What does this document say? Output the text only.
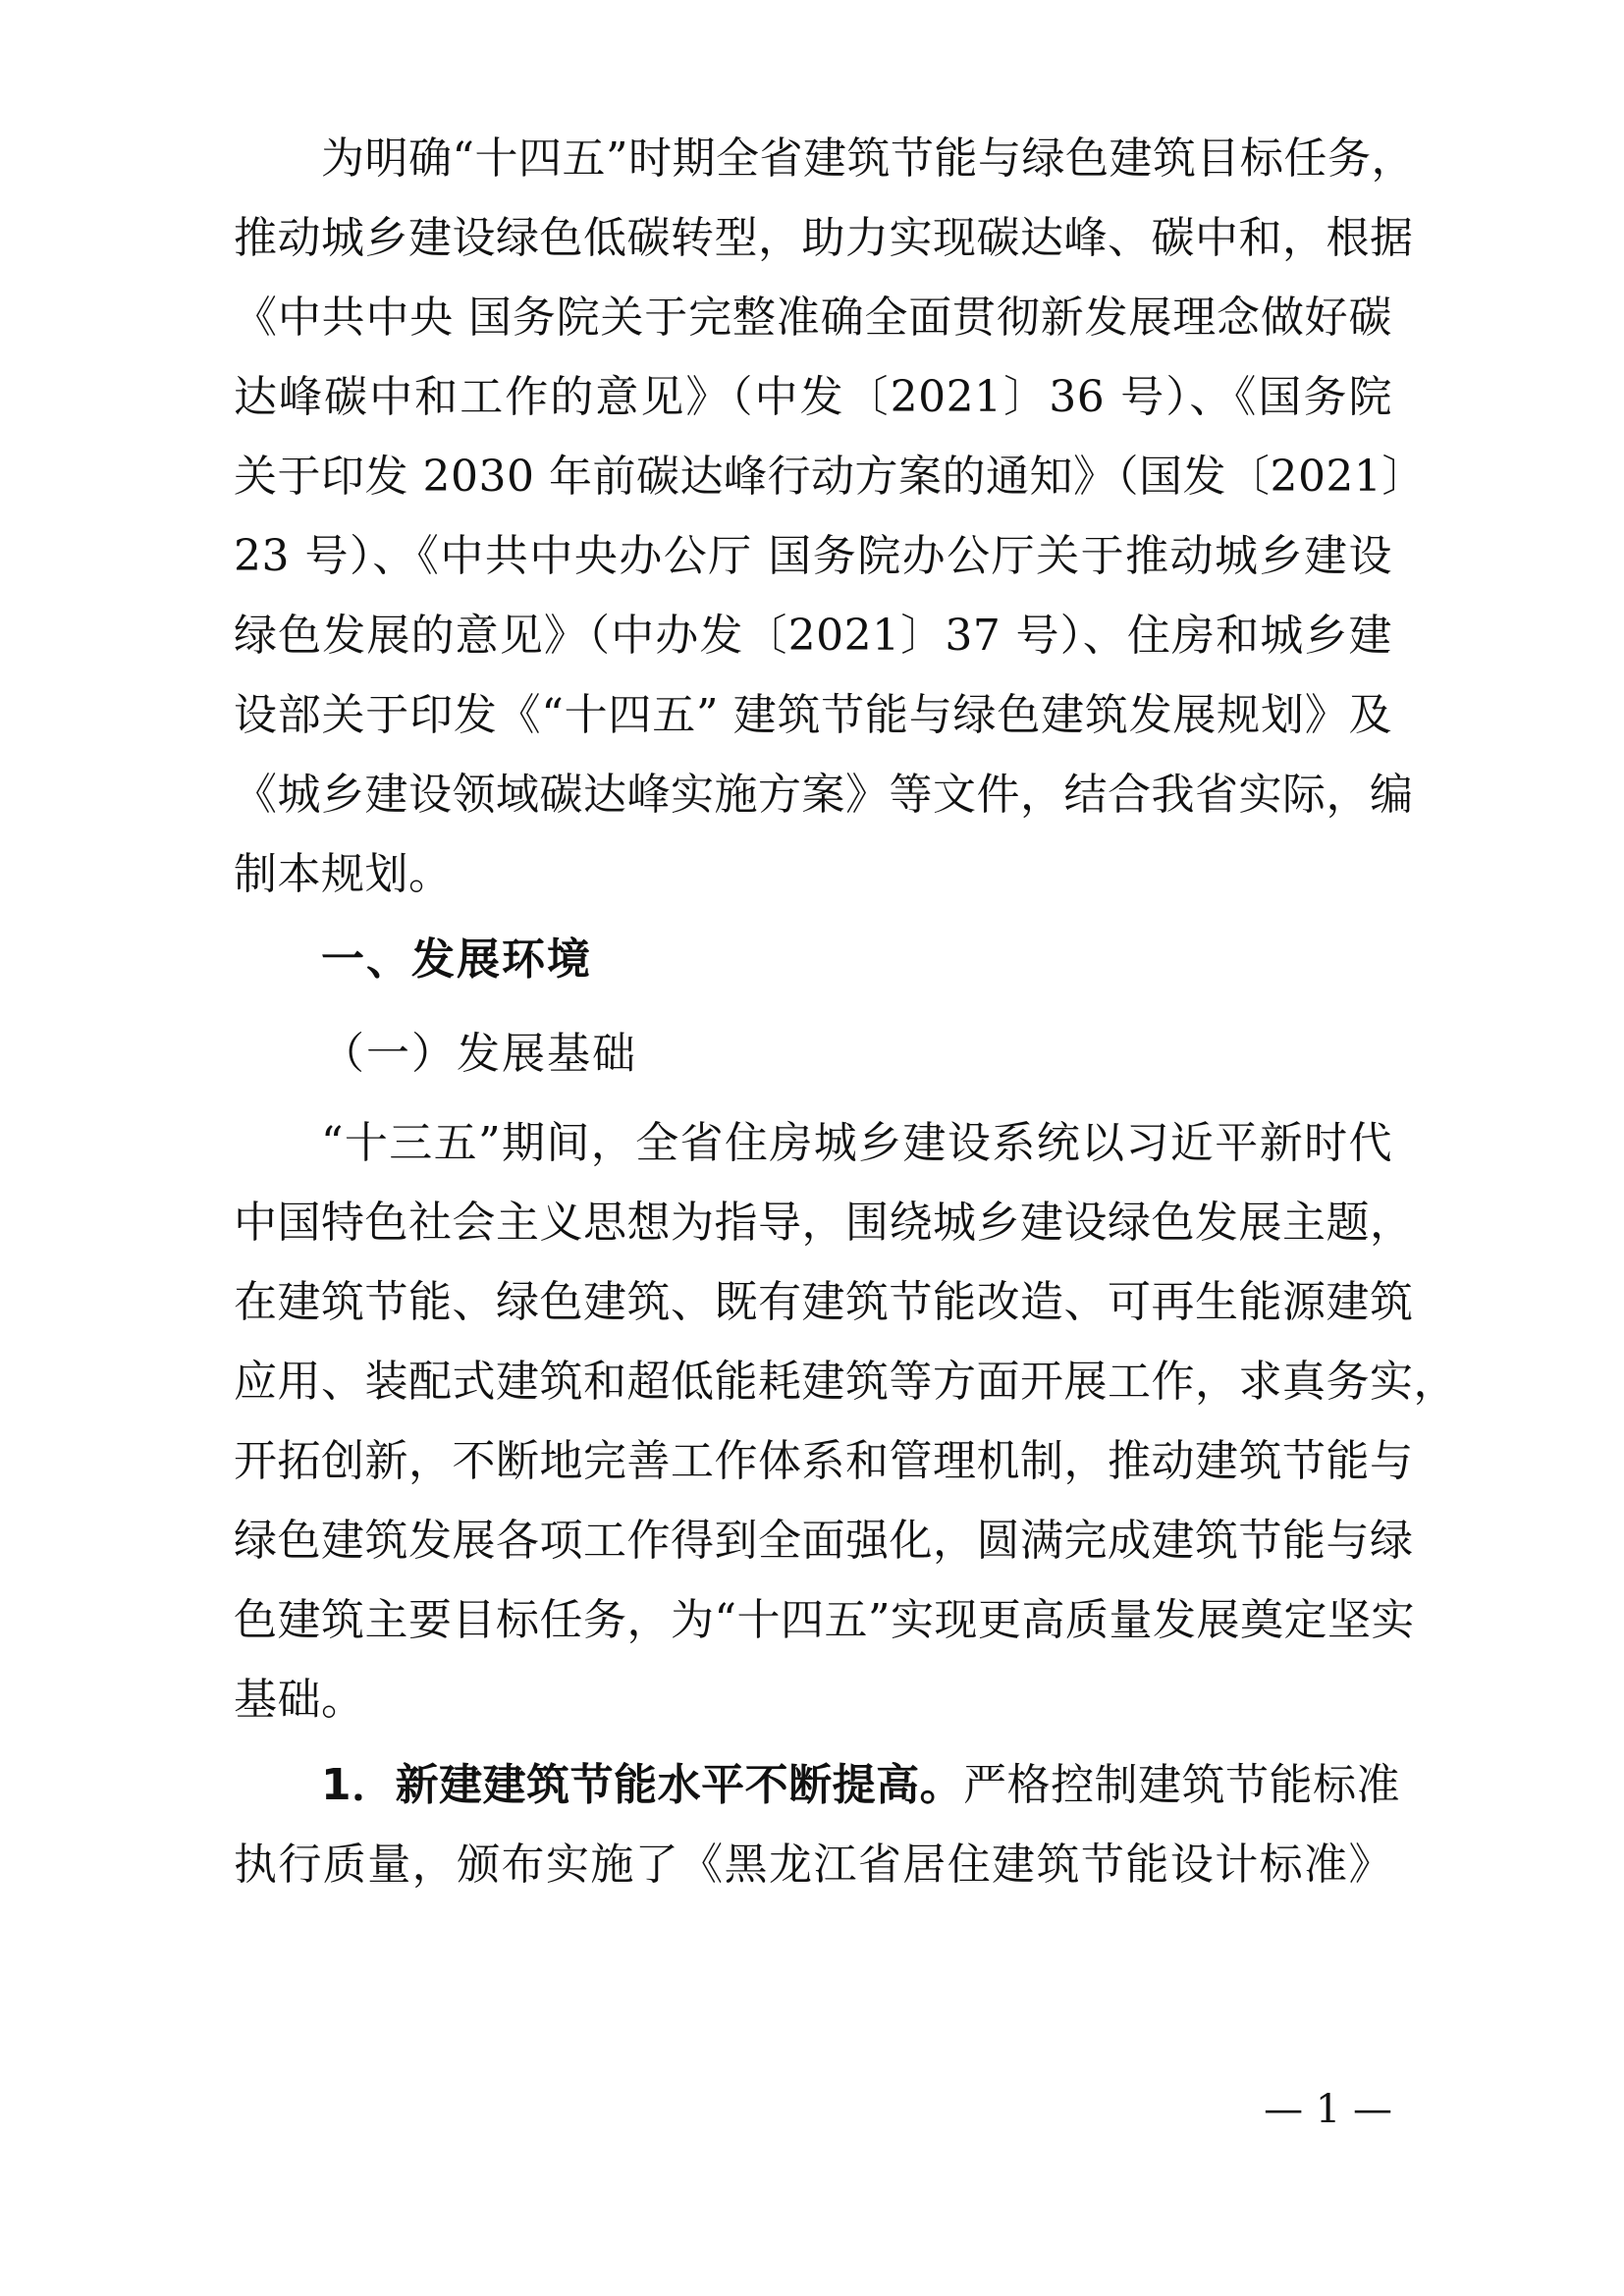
为明确“十四五”时期全省建筑节能与绿色建筑目标任务，
推动城乡建设绿色低碳转型，助力实现碳达峰、碳中和，根据
《中共中央 国务院关于完整准确全面贯彻新发展理念做好碳
达峰碳中和工作的意见》（中发〔2021〕36 号）、《国务院
关于印发 2030 年前碳达峰行动方案的通知》（国发〔2021〕
23 号）、《中共中央办公厅 国务院办公厅关于推动城乡建设
绿色发展的意见》（中办发〔2021〕37 号）、住房和城乡建
设部关于印发《“十四五” 建筑节能与绿色建筑发展规划》及
《城乡建设领域碳达峰实施方案》等文件，结合我省实际，编
制本规划。
一、发展环境
（一）发展基础
“十三五”期间，全省住房城乡建设系统以习近平新时代
中国特色社会主义思想为指导，围绕城乡建设绿色发展主题，
在建筑节能、绿色建筑、既有建筑节能改造、可再生能源建筑
应用、装配式建筑和超低能耗建筑等方面开展工作，求真务实，
开拓创新，不断地完善工作体系和管理机制，推动建筑节能与
绿色建筑发展各项工作得到全面强化，圆满完成建筑节能与绿
色建筑主要目标任务，为“十四五”实现更高质量发展奠定坚实
基础。
1．新建建筑节能水平不断提高。严格控制建筑节能标准
执行质量，颁布实施了《黑龙江省居住建筑节能设计标准》
— 1 —
